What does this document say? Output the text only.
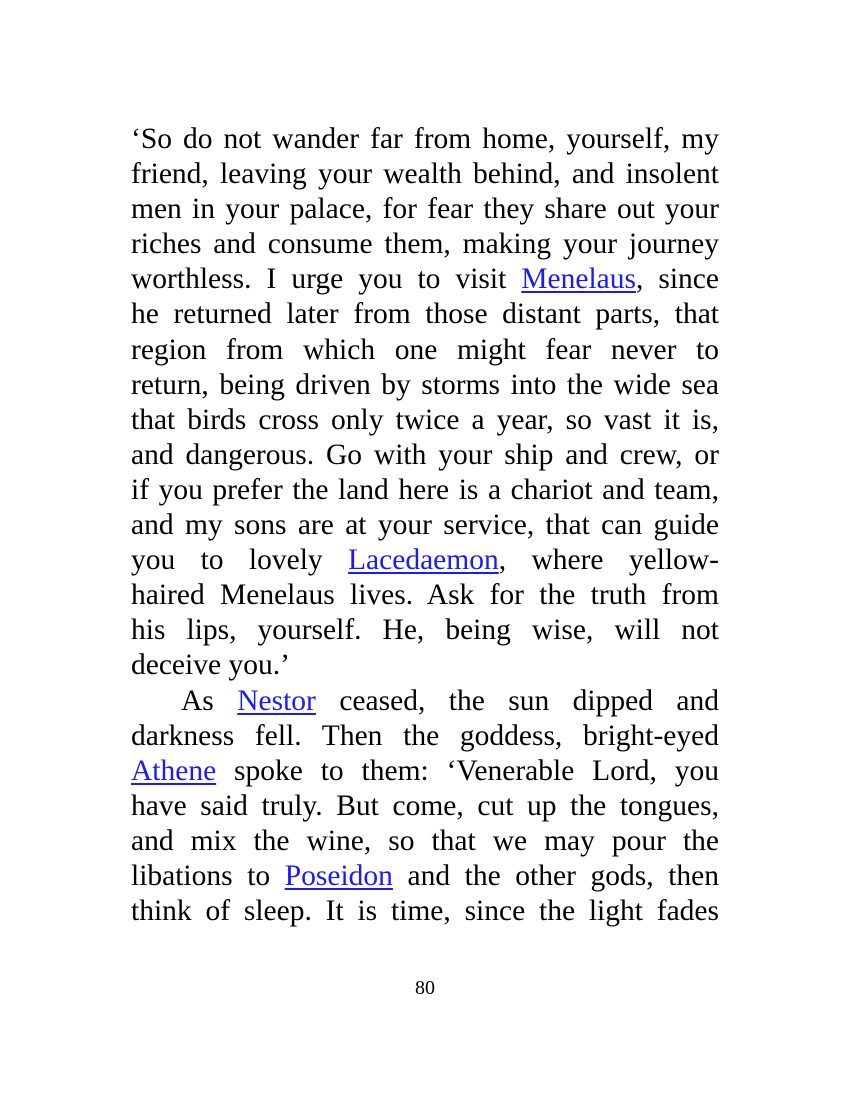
‘So do not wander far from home, yourself, my
friend, leaving your wealth behind, and insolent
men in your palace, for fear they share out your
riches and consume them, making your journey
worthless. I urge you to visit Menelaus, since
he returned later from those distant parts, that
region from which one might fear never to
return, being driven by storms into the wide sea
that birds cross only twice a year, so vast it is,
and dangerous. Go with your ship and crew, or
if you prefer the land here is a chariot and team,
and my sons are at your service, that can guide
you to lovely Lacedaemon, where yellow-
haired Menelaus lives. Ask for the truth from
his lips, yourself. He, being wise, will not
deceive you.’
As Nestor ceased, the sun dipped and
darkness fell. Then the goddess, bright-eyed
Athene spoke to them: ‘Venerable Lord, you
have said truly. But come, cut up the tongues,
and mix the wine, so that we may pour the
libations to Poseidon and the other gods, then
think of sleep. It is time, since the light fades
80
